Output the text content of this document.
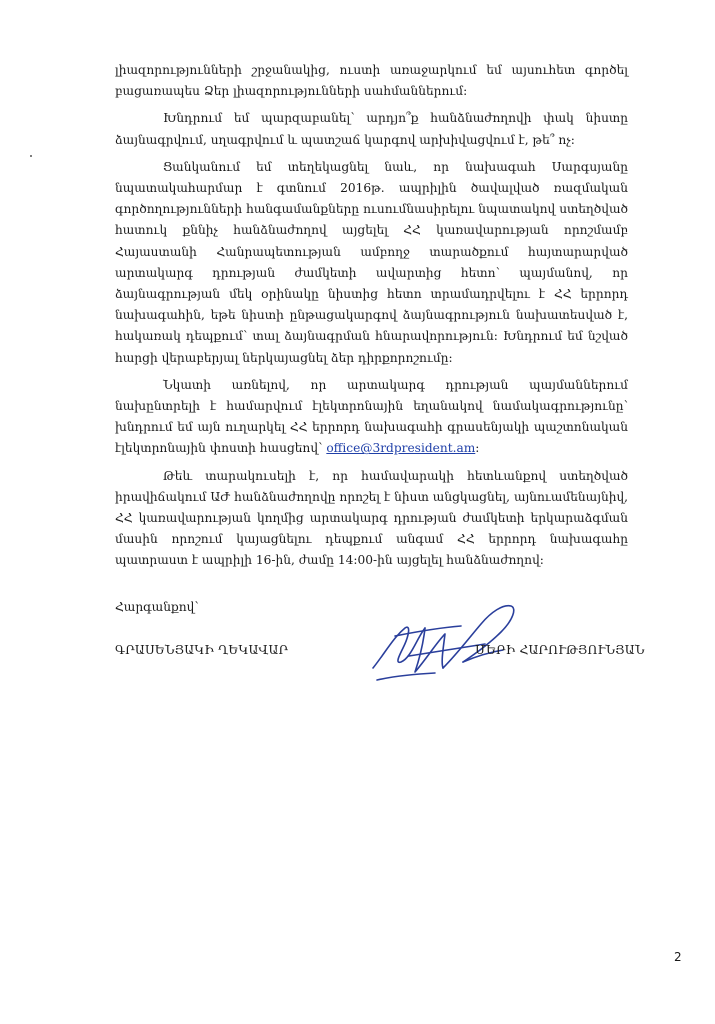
լիազորությունների շրջանակից, ուստի առաջարկում եմ այսուհետ գործել բացառապես Ձեր լիազորությունների սահմաններում:

Խնդրում եմ պարզաբանել՝ արդյո՞ք հանձնաժողովի փակ նիստը ձայնագրվում, սղագրվում և պատշաճ կարգով արխիվացվում է, թե՞ ոչ:

Ցանկանում եմ տեղեկացնել նաև, որ նախագահ Սարգսյանը նպատակահարմար է գտնում 2016թ. ապրիլին ծավալված ռազմական գործողությունների հանգամանքները ուսումնասիրելու նպատակով ստեղծված հատուկ քննիչ հանձնաժողով այցելել ՀՀ կառավարության որոշմամբ Հայաստանի Հանրապետության ամբողջ տարածքում հայտարարված արտակարգ դրության ժամկետի ավարտից հետո՝ պայմանով, որ ձայնագրության մեկ օրինակը նիստից հետո տրամադրվելու է ՀՀ երրորդ նախագահին, եթե նիստի ընթացակարգով ձայնագրություն նախատեսված է, հակառակ դեպքում՝ տալ ձայնագրման հնարավորություն: Խնդրում եմ նշված հարցի վերաբերյալ ներկայացնել ձեր դիրքորոշումը:

Նկատի առնելով, որ արտակարգ դրության պայմաններում նախընտրելի է համարվում էլեկտրոնային եղանակով նամակագրությունը՝ խնդրում եմ այն ուղարկել ՀՀ երրորդ նախագահի գրասենյակի պաշտոնական էլեկտրոնային փոստի հասցեով՝ office@3rdpresident.am:

Թեև տարակուսելի է, որ համավարակի հետևանքով ստեղծված իրավիճակում ԱԺ հանձնաժողովը որոշել է նիստ անցկացնել, այնուամենայնիվ, ՀՀ կառավարության կողմից արտակարգ դրության ժամկետի երկարաձգման մասին որոշում կայացնելու դեպքում անգամ ՀՀ երրորդ նախագահը պատրաստ է ապրիլի 16-ին, ժամը 14:00-ին այցելել հանձնաժողով:

Հարգանքով՝
ԳՐԱՍԵՆՅԱԿԻ ՂԵԿԱՎԱՐ	ՄԵՐԻ ՀԱՐՈՒԹՅՈՒՆՅԱՆ
2
